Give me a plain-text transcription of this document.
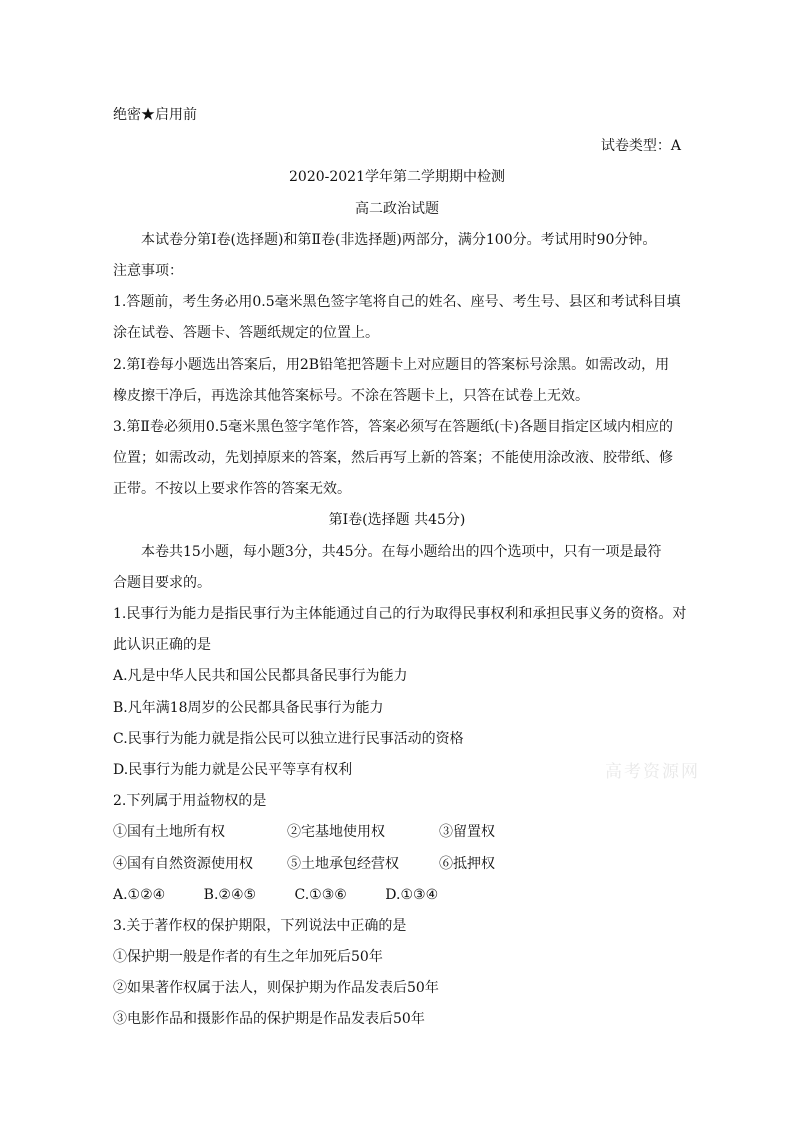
绝密★启用前
试卷类型：A
2020-2021学年第二学期期中检测
高二政治试题
本试卷分第Ⅰ卷(选择题)和第Ⅱ卷(非选择题)两部分，满分100分。考试用时90分钟。
注意事项：
1.答题前，考生务必用0.5毫米黑色签字笔将自己的姓名、座号、考生号、县区和考试科目填
涂在试卷、答题卡、答题纸规定的位置上。
2.第Ⅰ卷每小题选出答案后，用2B铅笔把答题卡上对应题目的答案标号涂黑。如需改动，用
橡皮擦干净后，再选涂其他答案标号。不涂在答题卡上，只答在试卷上无效。
3.第Ⅱ卷必须用0.5毫米黑色签字笔作答，答案必须写在答题纸(卡)各题目指定区域内相应的
位置；如需改动，先划掉原来的答案，然后再写上新的答案；不能使用涂改液、胶带纸、修
正带。不按以上要求作答的答案无效。
第Ⅰ卷(选择题 共45分)
本卷共15小题，每小题3分，共45分。在每小题给出的四个选项中，只有一项是最符
合题目要求的。
1.民事行为能力是指民事行为主体能通过自己的行为取得民事权利和承担民事义务的资格。对
此认识正确的是
A.凡是中华人民共和国公民都具备民事行为能力
B.凡年满18周岁的公民都具备民事行为能力
C.民事行为能力就是指公民可以独立进行民事活动的资格
D.民事行为能力就是公民平等享有权利
2.下列属于用益物权的是
①国有土地所有权	②宅基地使用权	③留置权
④国有自然资源使用权	⑤土地承包经营权	⑥抵押权
A.①②④	B.②④⑤	C.①③⑥	D.①③④
3.关于著作权的保护期限，下列说法中正确的是
①保护期一般是作者的有生之年加死后50年
②如果著作权属于法人，则保护期为作品发表后50年
③电影作品和摄影作品的保护期是作品发表后50年
高考资源网
